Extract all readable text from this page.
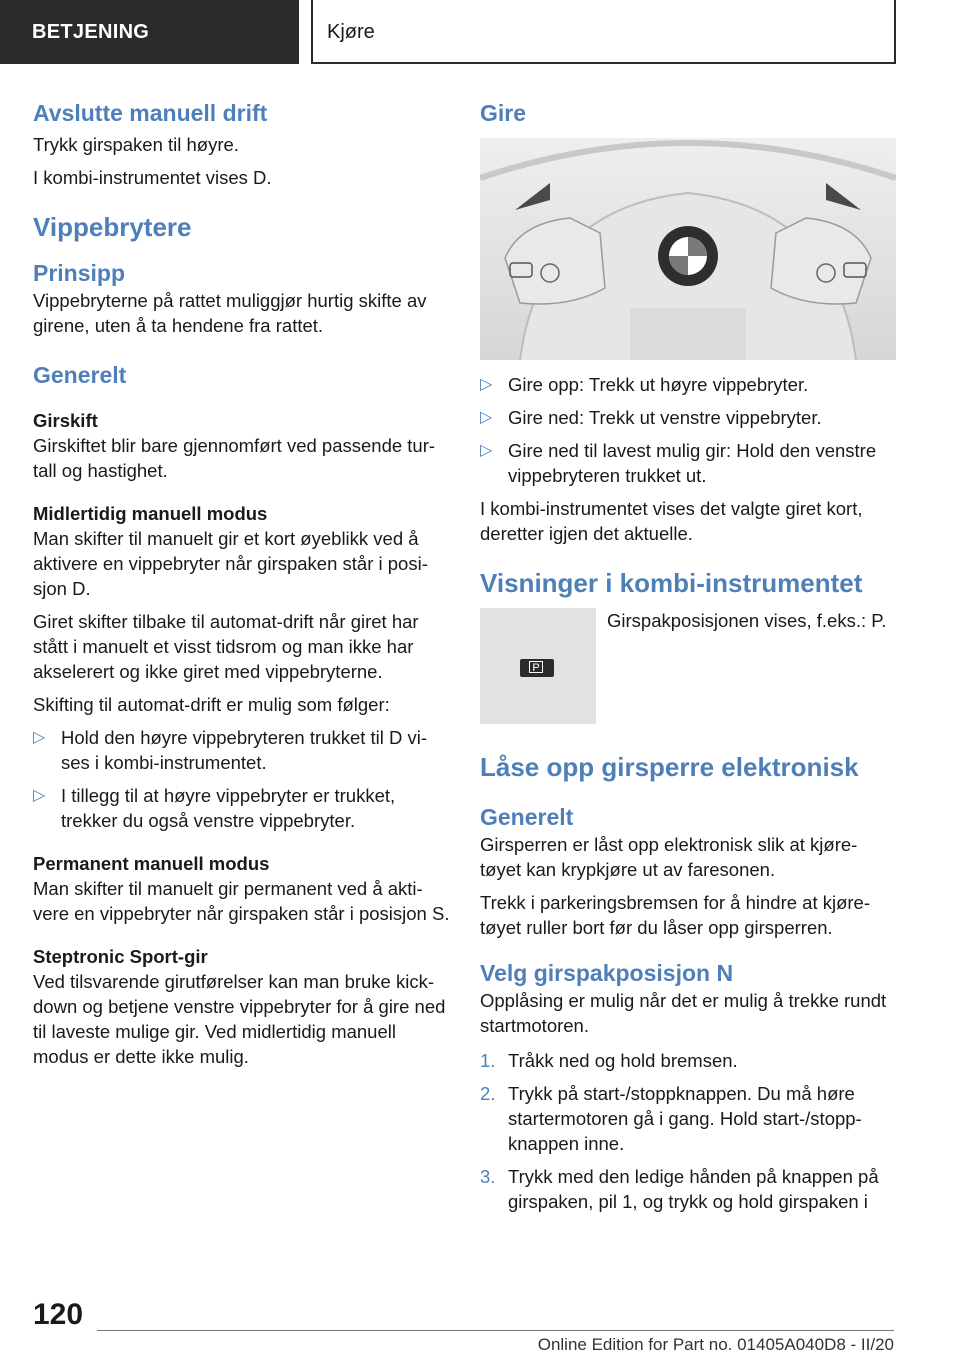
BETJENING	Kjøre
Avslutte manuell drift

Trykk girspaken til høyre.

I kombi-instrumentet vises D.

Vippebrytere
Prinsipp

Vippebryterne på rattet muliggjør hurtig skifte av girene, uten å ta hendene fra rattet.

Generelt

Girskift

Girskiftet blir bare gjennomført ved passende tur-tall og hastighet.

Midlertidig manuell modus

Man skifter til manuelt gir et kort øyeblikk ved å aktivere en vippebryter når girspaken står i posi-sjon D.

Giret skifter tilbake til automat-drift når giret har stått i manuelt et visst tidsrom og man ikke har akselerert og ikke giret med vippebryterne.

Skifting til automat-drift er mulig som følger:

▷ Hold den høyre vippebryteren trukket til D vi-ses i kombi-instrumentet.
▷ I tillegg til at høyre vippebryter er trukket, trekker du også venstre vippebryter.

Permanent manuell modus

Man skifter til manuelt gir permanent ved å akti-vere en vippebryter når girspaken står i posisjon S.

Steptronic Sport-gir

Ved tilsvarende girutførelser kan man bruke kick-down og betjene venstre vippebryter for å gire ned til laveste mulige gir. Ved midlertidig manuell modus er dette ikke mulig.

Gire
▷ Gire opp: Trekk ut høyre vippebryter.
▷ Gire ned: Trekk ut venstre vippebryter.
▷ Gire ned til lavest mulig gir: Hold den venstre vippebryteren trukket ut.

I kombi-instrumentet vises det valgte giret kort, deretter igjen det aktuelle.

Visninger i kombi-instrumentet
P
Girspakposisjonen vises, f.eks.: P.
Låse opp girsperre elektronisk
Generelt

Girsperren er låst opp elektronisk slik at kjøre-tøyet kan krypkjøre ut av faresonen.

Trekk i parkeringsbremsen for å hindre at kjøre-tøyet ruller bort før du låser opp girsperren.

Velg girspakposisjon N

Opplåsing er mulig når det er mulig å trekke rundt startmotoren.

1. Tråkk ned og hold bremsen.
2. Trykk på start-/stoppknappen. Du må høre startermotoren gå i gang. Hold start-/stopp-knappen inne.
3. Trykk med den ledige hånden på knappen på girspaken, pil 1, og trykk og hold girspaken i
120
Online Edition for Part no. 01405A040D8 - II/20
